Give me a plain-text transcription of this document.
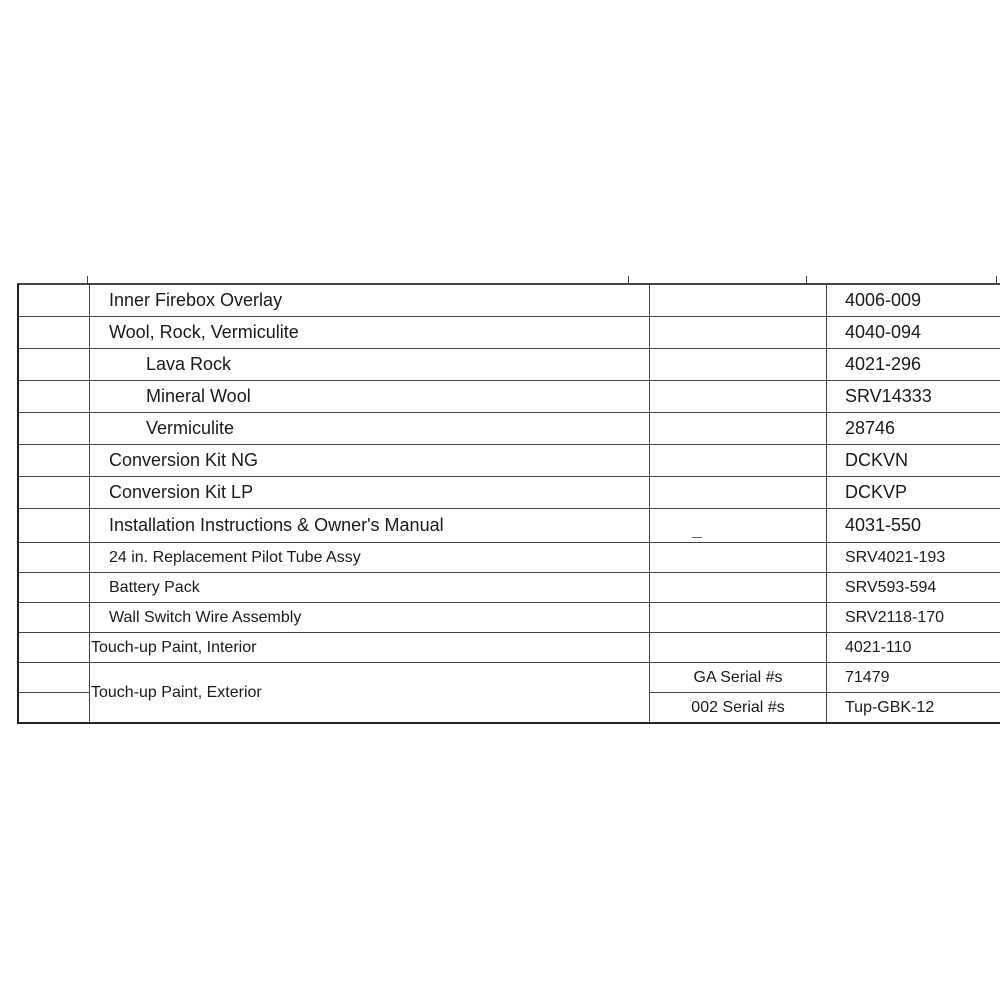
	Inner Firebox Overlay		4006-009	
	Wool, Rock, Vermiculite		4040-094	
	Lava Rock		4021-296	
	Mineral Wool		SRV14333	
	Vermiculite		28746	
	Conversion Kit NG		DCKVN	
	Conversion Kit LP		DCKVP	
	Installation Instructions & Owner's Manual		4031-550	
	24 in. Replacement Pilot Tube Assy		SRV4021-193	
	Battery Pack		SRV593-594	
	Wall Switch Wire Assembly		SRV2118-170	
	Touch-up Paint, Interior		4021-110	
	Touch-up Paint, Exterior	GA Serial #s	71479	
		002 Serial #s	Tup-GBK-12	
